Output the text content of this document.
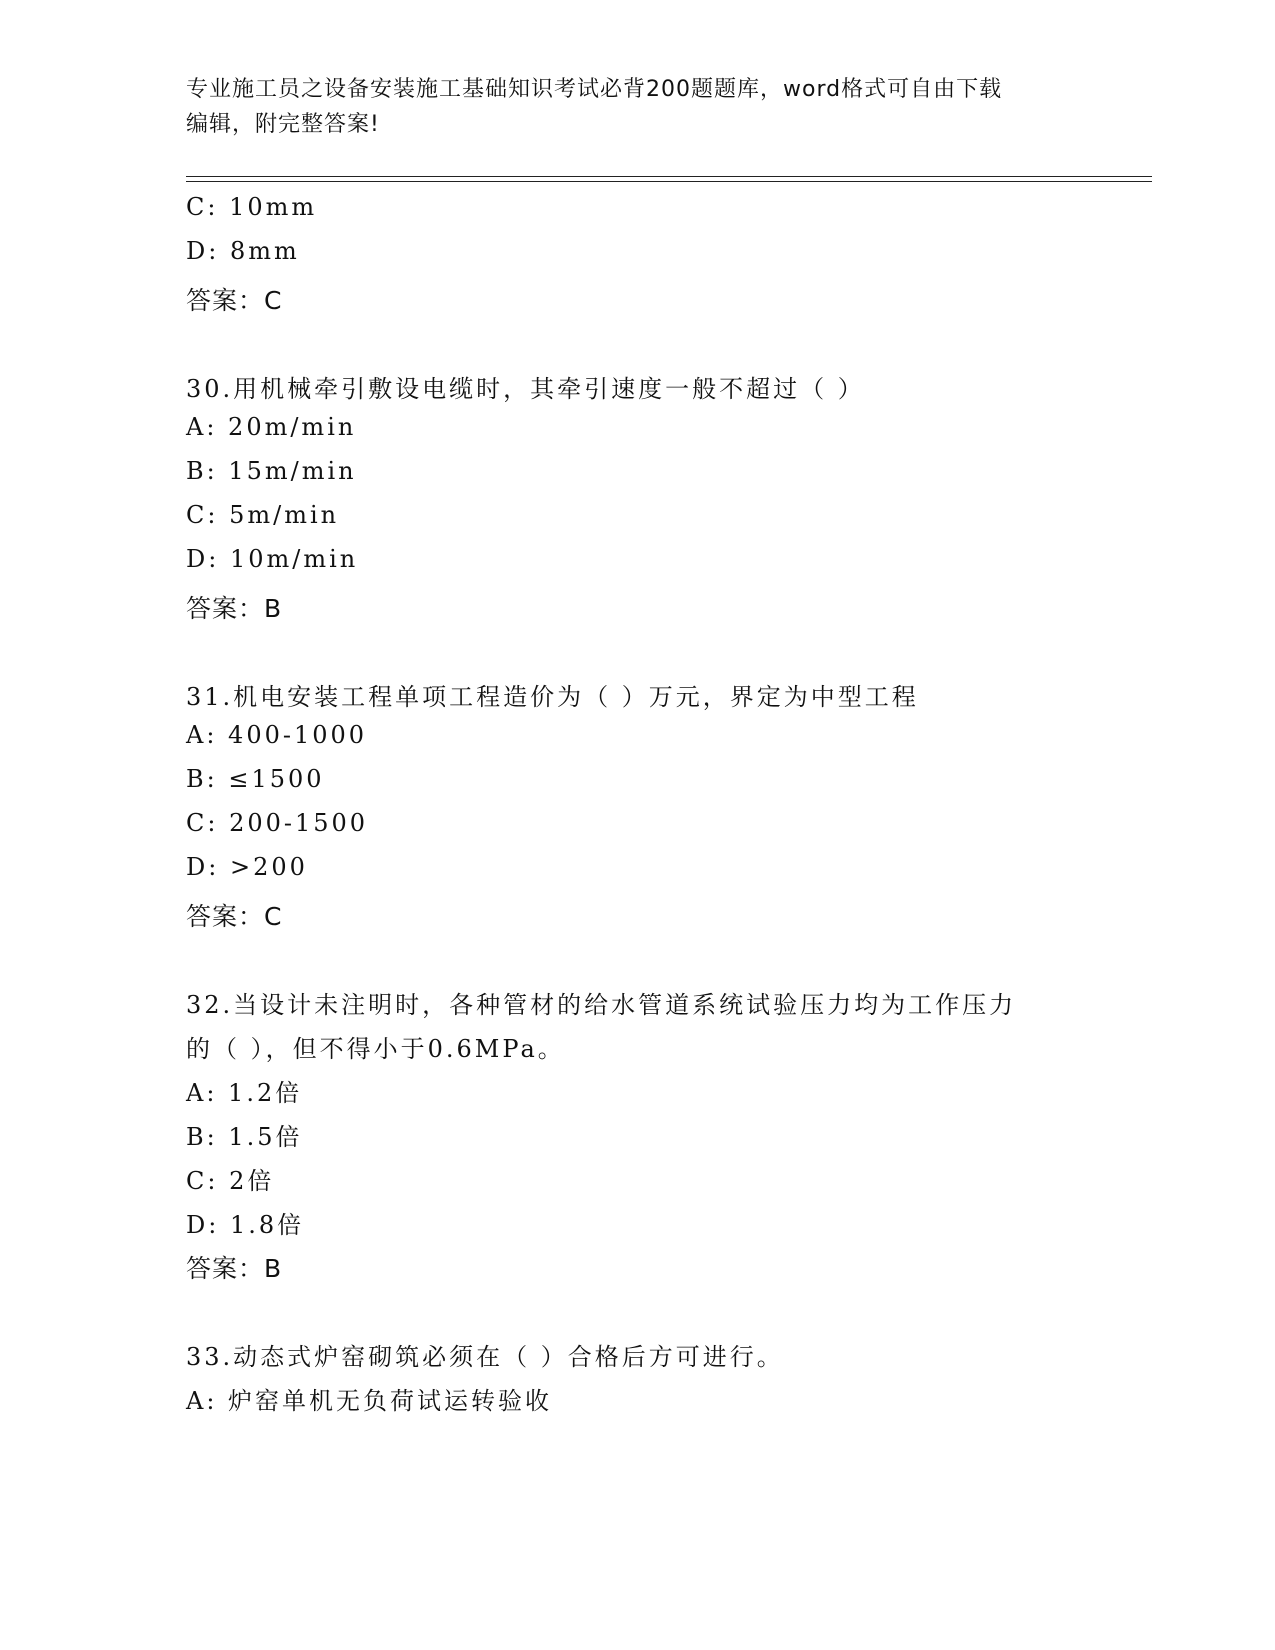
专业施工员之设备安装施工基础知识考试必背200题题库，word格式可自由下载
编辑，附完整答案!
C: 10mm
D: 8mm
答案：C
30.用机械牵引敷设电缆时，其牵引速度一般不超过（ ）
A: 20m/min
B: 15m/min
C: 5m/min
D: 10m/min
答案：B
31.机电安装工程单项工程造价为（ ）万元，界定为中型工程
A: 400-1000
B: ≤1500
C: 200-1500
D: >200
答案：C
32.当设计未注明时，各种管材的给水管道系统试验压力均为工作压力
的（ ），但不得小于0.6MPa。
A: 1.2倍
B: 1.5倍
C: 2倍
D: 1.8倍
答案：B
33.动态式炉窑砌筑必须在（ ）合格后方可进行。
A: 炉窑单机无负荷试运转验收
